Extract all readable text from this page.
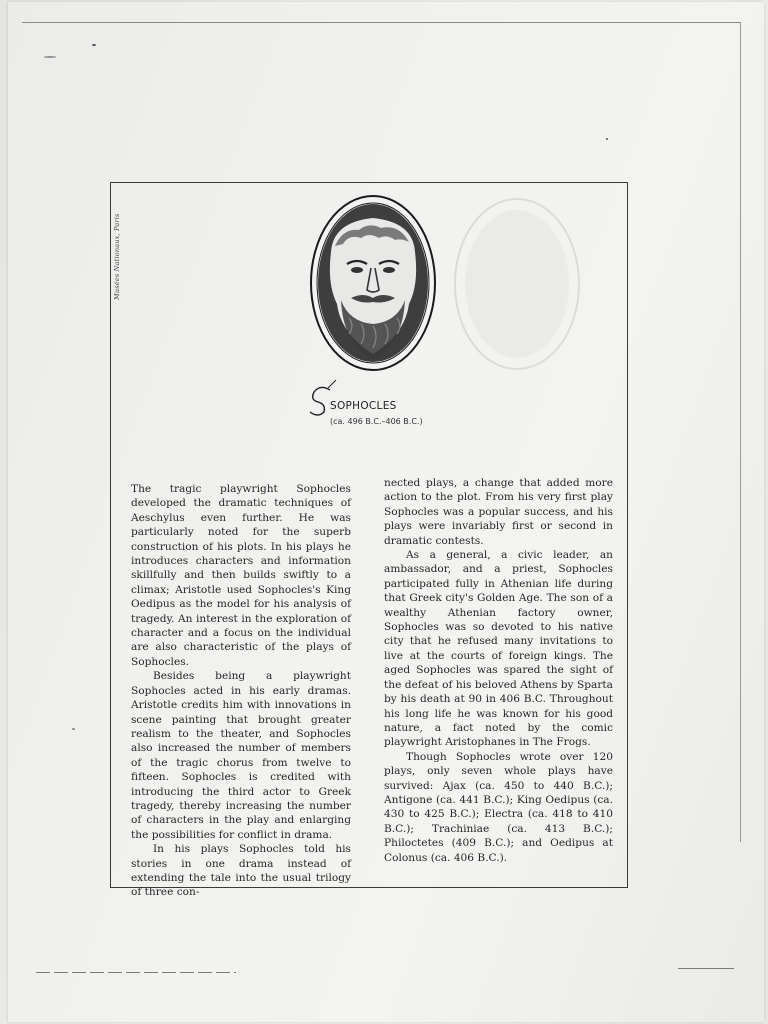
Musées Nationaux, Paris
SOPHOCLES
(ca. 496 B.C.–406 B.C.)

The tragic playwright Sophocles developed the dramatic techniques of Aeschylus even further. He was particularly noted for the superb construction of his plots. In his plays he introduces characters and information skillfully and then builds swiftly to a climax; Aristotle used Sophocles's King Oedipus as the model for his analysis of tragedy. An interest in the exploration of character and a focus on the individual are also characteristic of the plays of Sophocles.

Besides being a playwright Sophocles acted in his early dramas. Aristotle credits him with innovations in scene painting that brought greater realism to the theater, and Sophocles also increased the number of members of the tragic chorus from twelve to fifteen. Sophocles is credited with introducing the third actor to Greek tragedy, thereby increasing the number of characters in the play and enlarging the possibilities for conflict in drama.

In his plays Sophocles told his stories in one drama instead of extending the tale into the usual trilogy of three con-

nected plays, a change that added more action to the plot. From his very first play Sophocles was a popular success, and his plays were invariably first or second in dramatic contests.

As a general, a civic leader, an ambassador, and a priest, Sophocles participated fully in Athenian life during that Greek city's Golden Age. The son of a wealthy Athenian factory owner, Sophocles was so devoted to his native city that he refused many invitations to live at the courts of foreign kings. The aged Sophocles was spared the sight of the defeat of his beloved Athens by Sparta by his death at 90 in 406 B.C. Throughout his long life he was known for his good nature, a fact noted by the comic playwright Aristophanes in The Frogs.

Though Sophocles wrote over 120 plays, only seven whole plays have survived: Ajax (ca. 450 to 440 B.C.); Antigone (ca. 441 B.C.); King Oedipus (ca. 430 to 425 B.C.); Electra (ca. 418 to 410 B.C.); Trachiniae (ca. 413 B.C.); Philoctetes (409 B.C.); and Oedipus at Colonus (ca. 406 B.C.).
